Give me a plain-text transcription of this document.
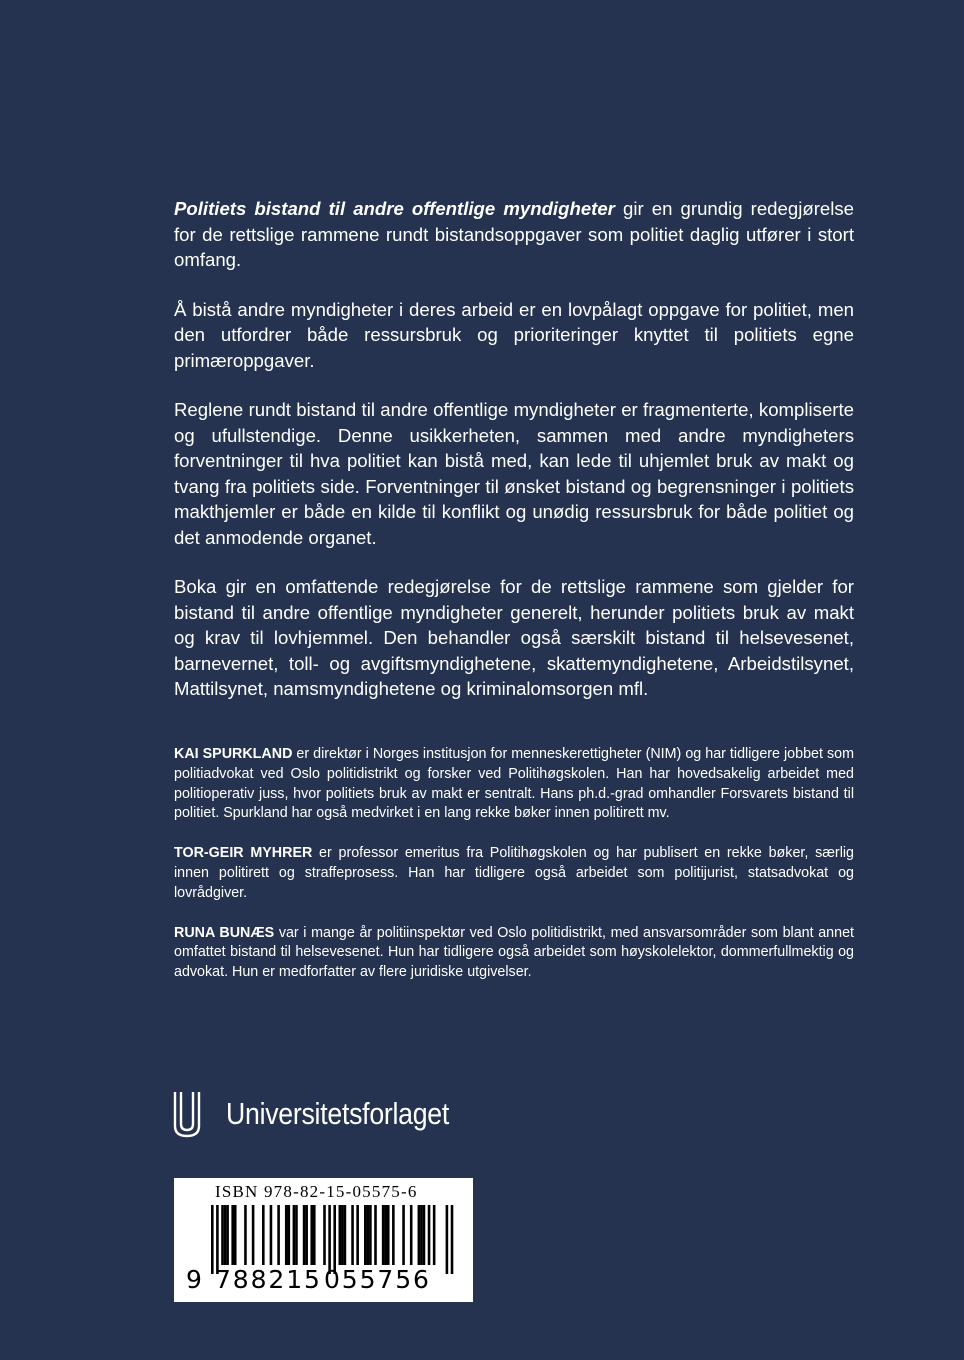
Politiets bistand til andre offentlige myndigheter gir en grundig redegjørelse for de rettslige rammene rundt bistandsoppgaver som politiet daglig utfører i stort omfang.

Å bistå andre myndigheter i deres arbeid er en lovpålagt oppgave for politiet, men den utfordrer både ressursbruk og prioriteringer knyttet til politiets egne primæroppgaver.

Reglene rundt bistand til andre offentlige myndigheter er fragmenterte, kompliserte og ufullstendige. Denne usikkerheten, sammen med andre myndigheters forventninger til hva politiet kan bistå med, kan lede til uhjemlet bruk av makt og tvang fra politiets side. Forventninger til ønsket bistand og begrensninger i politiets makthjemler er både en kilde til konflikt og unødig ressursbruk for både politiet og det anmodende organet.

Boka gir en omfattende redegjørelse for de rettslige rammene som gjelder for bistand til andre offentlige myndigheter generelt, herunder politiets bruk av makt og krav til lovhjemmel. Den behandler også særskilt bistand til helsevesenet, barnevernet, toll- og avgiftsmyndighetene, skattemyndighetene, Arbeidstilsynet, Mattilsynet, namsmyndighetene og kriminalomsorgen mfl.

KAI SPURKLAND er direktør i Norges institusjon for menneskerettigheter (NIM) og har tidligere jobbet som politiadvokat ved Oslo politidistrikt og forsker ved Politihøgskolen. Han har hovedsakelig arbeidet med politioperativ juss, hvor politiets bruk av makt er sentralt. Hans ph.d.-grad omhandler Forsvarets bistand til politiet. Spurkland har også medvirket i en lang rekke bøker innen politirett mv.

TOR-GEIR MYHRER er professor emeritus fra Politihøgskolen og har publisert en rekke bøker, særlig innen politirett og straffeprosess. Han har tidligere også arbeidet som politijurist, statsadvokat og lovrådgiver.

RUNA BUNÆS var i mange år politiinspektør ved Oslo politidistrikt, med ansvarsområder som blant annet omfattet bistand til helsevesenet. Hun har tidligere også arbeidet som høyskolelektor, dommerfullmektig og advokat. Hun er medforfatter av flere juridiske utgivelser.

Universitetsforlaget
ISBN 978-82-15-05575-6
9 788215 055756
